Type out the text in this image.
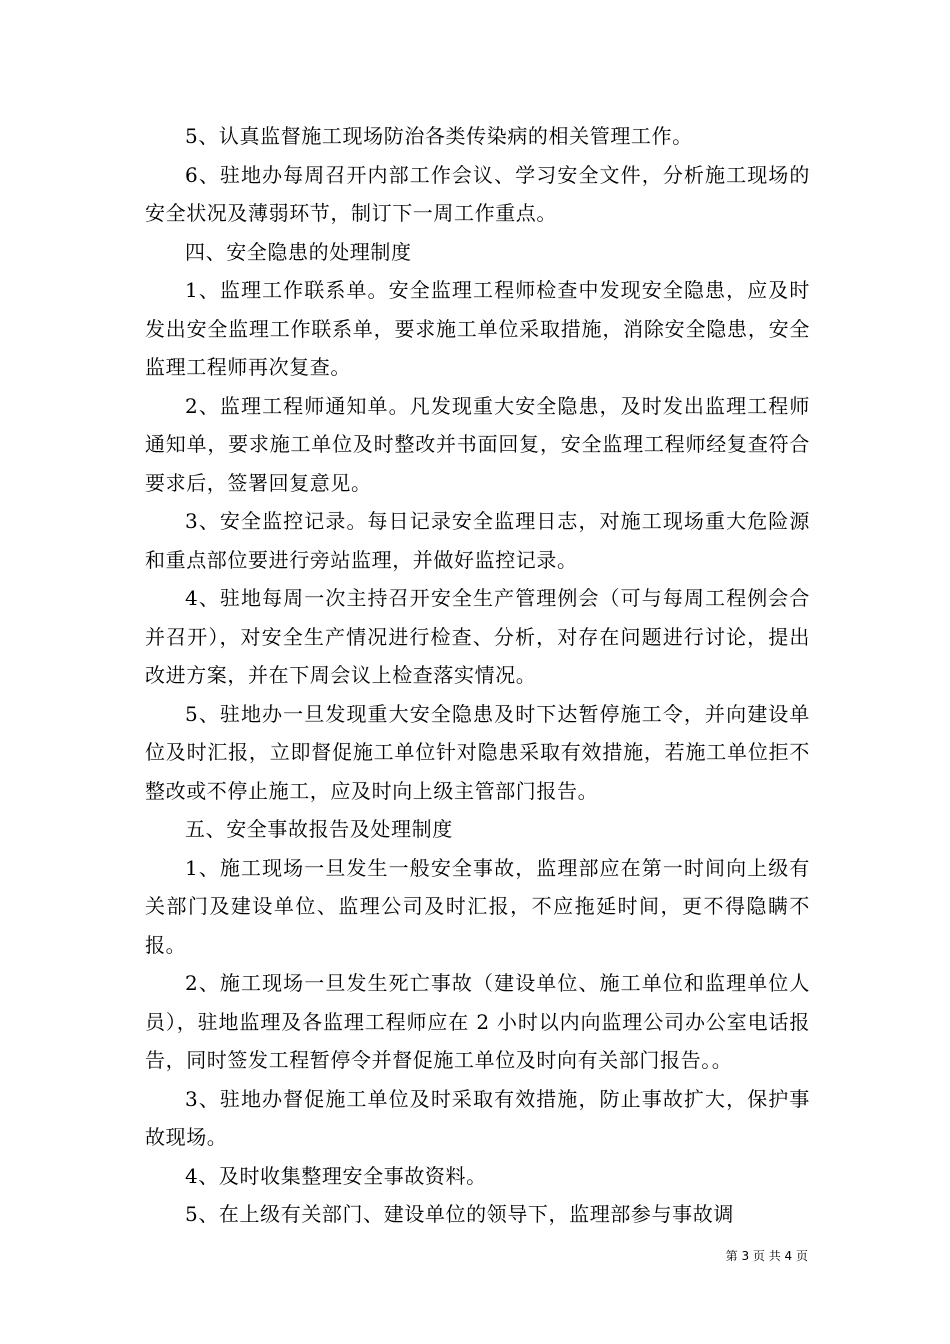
5、认真监督施工现场防治各类传染病的相关管理工作。

6、驻地办每周召开内部工作会议、学习安全文件，分析施工现场的安全状况及薄弱环节，制订下一周工作重点。

四、安全隐患的处理制度

1、监理工作联系单。安全监理工程师检查中发现安全隐患，应及时发出安全监理工作联系单，要求施工单位采取措施，消除安全隐患，安全监理工程师再次复查。

2、监理工程师通知单。凡发现重大安全隐患，及时发出监理工程师通知单，要求施工单位及时整改并书面回复，安全监理工程师经复查符合要求后，签署回复意见。

3、安全监控记录。每日记录安全监理日志，对施工现场重大危险源和重点部位要进行旁站监理，并做好监控记录。

4、驻地每周一次主持召开安全生产管理例会（可与每周工程例会合并召开），对安全生产情况进行检查、分析，对存在问题进行讨论，提出改进方案，并在下周会议上检查落实情况。

5、驻地办一旦发现重大安全隐患及时下达暂停施工令，并向建设单位及时汇报，立即督促施工单位针对隐患采取有效措施，若施工单位拒不整改或不停止施工，应及时向上级主管部门报告。

五、安全事故报告及处理制度

1、施工现场一旦发生一般安全事故，监理部应在第一时间向上级有关部门及建设单位、监理公司及时汇报，不应拖延时间，更不得隐瞒不报。

2、施工现场一旦发生死亡事故（建设单位、施工单位和监理单位人员），驻地监理及各监理工程师应在 2 小时以内向监理公司办公室电话报告，同时签发工程暂停令并督促施工单位及时向有关部门报告。。

3、驻地办督促施工单位及时采取有效措施，防止事故扩大，保护事故现场。

4、及时收集整理安全事故资料。

5、在上级有关部门、建设单位的领导下，监理部参与事故调

第 3 页 共 4 页
